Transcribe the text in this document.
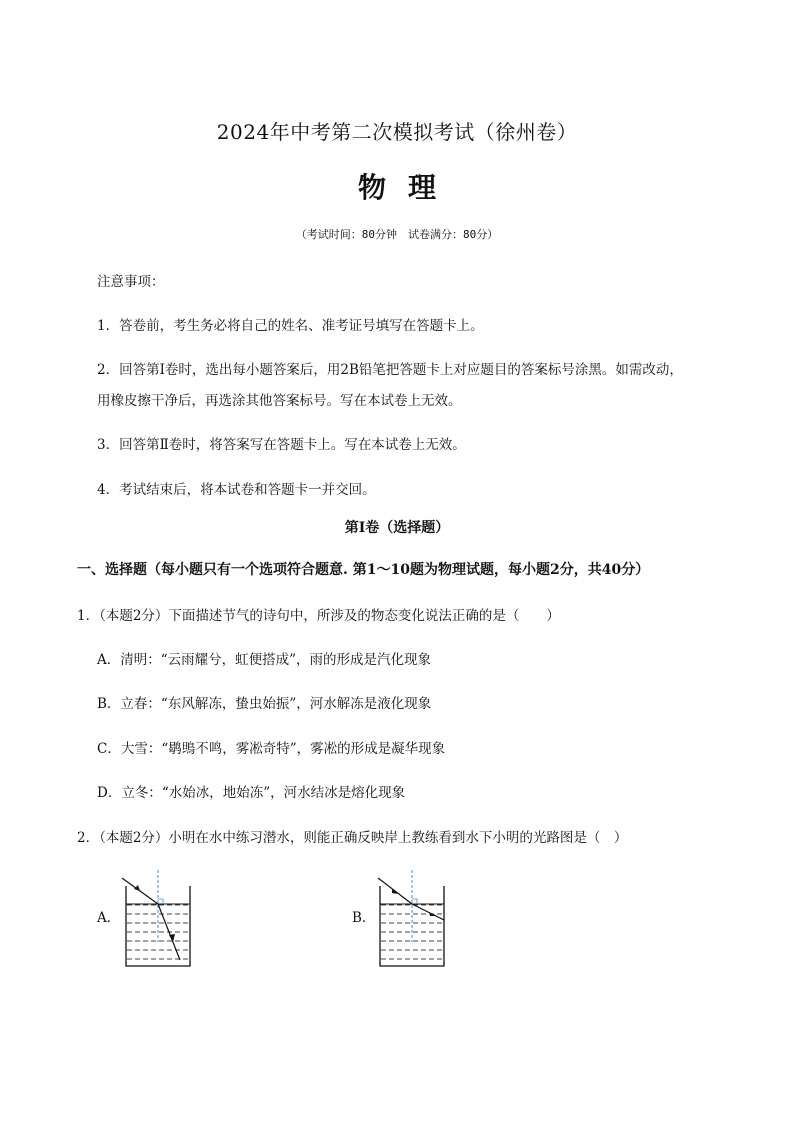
2024年中考第二次模拟考试（徐州卷）
物理
（考试时间：80分钟　试卷满分：80分）
注意事项：
1．答卷前，考生务必将自己的姓名、准考证号填写在答题卡上。
2．回答第Ⅰ卷时，选出每小题答案后，用2B铅笔把答题卡上对应题目的答案标号涂黑。如需改动，
用橡皮擦干净后，再选涂其他答案标号。写在本试卷上无效。
3．回答第Ⅱ卷时，将答案写在答题卡上。写在本试卷上无效。
4．考试结束后，将本试卷和答题卡一并交回。
第Ⅰ卷（选择题）
一、选择题（每小题只有一个选项符合题意. 第1～10题为物理试题，每小题2分，共40分）
1．（本题2分）下面描述节气的诗句中，所涉及的物态变化说法正确的是（　　）
A．清明：“云雨耀兮，虹便搭成”，雨的形成是汽化现象
B．立春：“东风解冻，蛰虫始振”，河水解冻是液化现象
C．大雪：“鹖鴠不鸣，雾凇奇特”，雾凇的形成是凝华现象
D．立冬：“水始冰，地始冻”，河水结冰是熔化现象
2．（本题2分）小明在水中练习潜水，则能正确反映岸上教练看到水下小明的光路图是（　）
A．	B．
